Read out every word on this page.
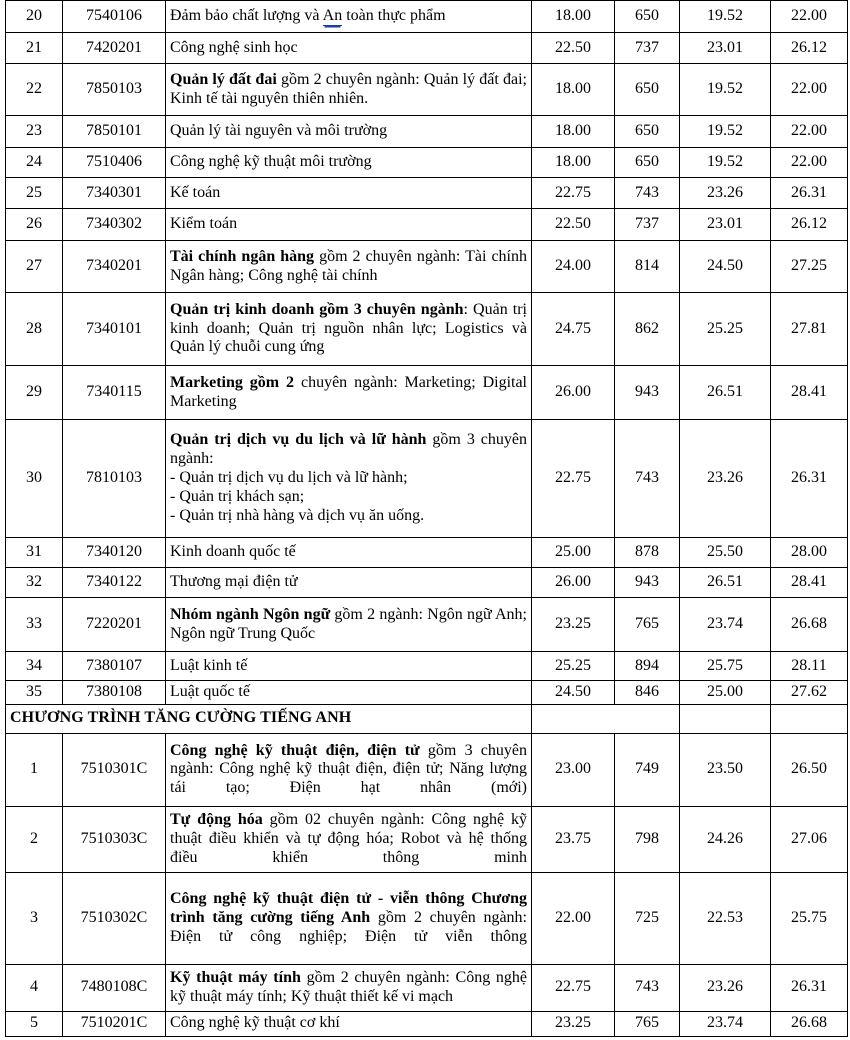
20	7540106	Đảm bảo chất lượng và An toàn thực phẩm	18.00	650	19.52	22.00
21	7420201	Công nghệ sinh học	22.50	737	23.01	26.12
22	7850103	Quản lý đất đai gồm 2 chuyên ngành: Quản lý đất đai; Kinh tế tài nguyên thiên nhiên.	18.00	650	19.52	22.00
23	7850101	Quản lý tài nguyên và môi trường	18.00	650	19.52	22.00
24	7510406	Công nghệ kỹ thuật môi trường	18.00	650	19.52	22.00
25	7340301	Kế toán	22.75	743	23.26	26.31
26	7340302	Kiểm toán	22.50	737	23.01	26.12
27	7340201	Tài chính ngân hàng gồm 2 chuyên ngành: Tài chính Ngân hàng; Công nghệ tài chính	24.00	814	24.50	27.25
28	7340101	Quản trị kinh doanh gồm 3 chuyên ngành: Quản trị kinh doanh; Quản trị nguồn nhân lực; Logistics và Quản lý chuỗi cung ứng	24.75	862	25.25	27.81
29	7340115	Marketing gồm 2 chuyên ngành: Marketing; Digital Marketing	26.00	943	26.51	28.41
30	7810103	Quản trị dịch vụ du lịch và lữ hành gồm 3 chuyên ngành:
- Quản trị dịch vụ du lịch và lữ hành;
- Quản trị khách sạn;
- Quản trị nhà hàng và dịch vụ ăn uống.	22.75	743	23.26	26.31
31	7340120	Kinh doanh quốc tế	25.00	878	25.50	28.00
32	7340122	Thương mại điện tử	26.00	943	26.51	28.41
33	7220201	Nhóm ngành Ngôn ngữ gồm 2 ngành: Ngôn ngữ Anh; Ngôn ngữ Trung Quốc	23.25	765	23.74	26.68
34	7380107	Luật kinh tế	25.25	894	25.75	28.11
35	7380108	Luật quốc tế	24.50	846	25.00	27.62
CHƯƠNG TRÌNH TĂNG CƯỜNG TIẾNG ANH						
1	7510301C	Công nghệ kỹ thuật điện, điện tử gồm 3 chuyên ngành: Công nghệ kỹ thuật điện, điện tử; Năng lượng tái tạo; Điện hạt nhân (mới)	23.00	749	23.50	26.50
2	7510303C	Tự động hóa gồm 02 chuyên ngành: Công nghệ kỹ thuật điều khiển và tự động hóa; Robot và hệ thống điều khiển thông minh	23.75	798	24.26	27.06
3	7510302C	Công nghệ kỹ thuật điện tử - viễn thông Chương trình tăng cường tiếng Anh gồm 2 chuyên ngành: Điện tử công nghiệp; Điện tử viễn thông	22.00	725	22.53	25.75
4	7480108C	Kỹ thuật máy tính gồm 2 chuyên ngành: Công nghệ kỹ thuật máy tính; Kỹ thuật thiết kế vi mạch	22.75	743	23.26	26.31
5	7510201C	Công nghệ kỹ thuật cơ khí	23.25	765	23.74	26.68
